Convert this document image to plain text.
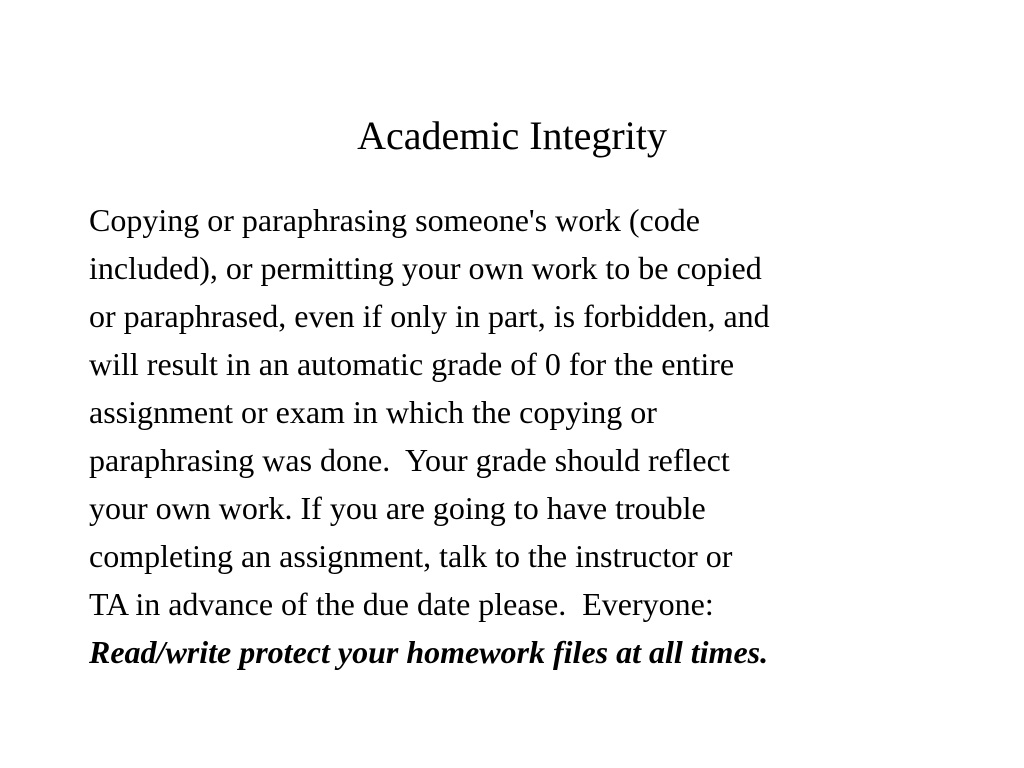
Academic Integrity
Copying or paraphrasing someone's work (code
included), or permitting your own work to be copied
or paraphrased, even if only in part, is forbidden, and
will result in an automatic grade of 0 for the entire
assignment or exam in which the copying or
paraphrasing was done.  Your grade should reflect
your own work. If you are going to have trouble
completing an assignment, talk to the instructor or
TA in advance of the due date please.  Everyone:
Read/write protect your homework files at all times.
